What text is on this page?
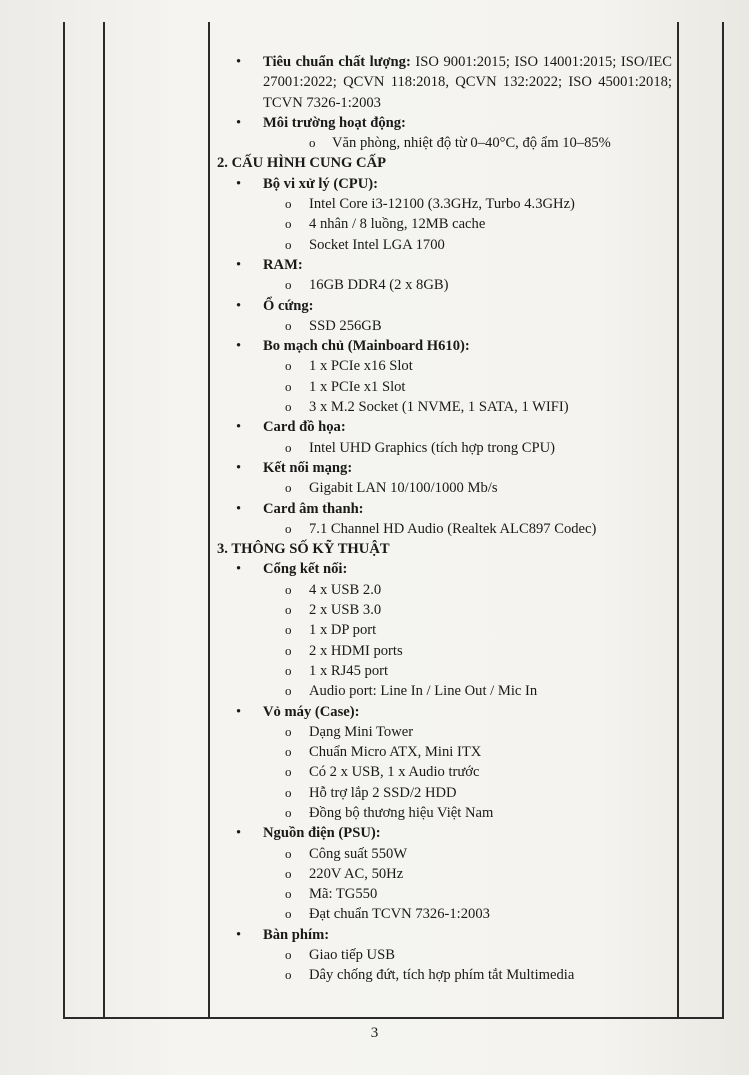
• Tiêu chuẩn chất lượng: ISO 9001:2015; ISO 14001:2015; ISO/IEC 27001:2022; QCVN 118:2018, QCVN 132:2022; ISO 45001:2018; TCVN 7326-1:2003
• Môi trường hoạt động:
o Văn phòng, nhiệt độ từ 0–40°C, độ ẩm 10–85%
2. CẤU HÌNH CUNG CẤP
• Bộ vi xử lý (CPU):
o Intel Core i3-12100 (3.3GHz, Turbo 4.3GHz)
o 4 nhân / 8 luồng, 12MB cache
o Socket Intel LGA 1700
• RAM:
o 16GB DDR4 (2 x 8GB)
• Ổ cứng:
o SSD 256GB
• Bo mạch chủ (Mainboard H610):
o 1 x PCIe x16 Slot
o 1 x PCIe x1 Slot
o 3 x M.2 Socket (1 NVME, 1 SATA, 1 WIFI)
• Card đồ họa:
o Intel UHD Graphics (tích hợp trong CPU)
• Kết nối mạng:
o Gigabit LAN 10/100/1000 Mb/s
• Card âm thanh:
o 7.1 Channel HD Audio (Realtek ALC897 Codec)
3. THÔNG SỐ KỸ THUẬT
• Cổng kết nối:
o 4 x USB 2.0
o 2 x USB 3.0
o 1 x DP port
o 2 x HDMI ports
o 1 x RJ45 port
o Audio port: Line In / Line Out / Mic In
• Vỏ máy (Case):
o Dạng Mini Tower
o Chuẩn Micro ATX, Mini ITX
o Có 2 x USB, 1 x Audio trước
o Hỗ trợ lắp 2 SSD/2 HDD
o Đồng bộ thương hiệu Việt Nam
• Nguồn điện (PSU):
o Công suất 550W
o 220V AC, 50Hz
o Mã: TG550
o Đạt chuẩn TCVN 7326-1:2003
• Bàn phím:
o Giao tiếp USB
o Dây chống đứt, tích hợp phím tắt Multimedia
3
